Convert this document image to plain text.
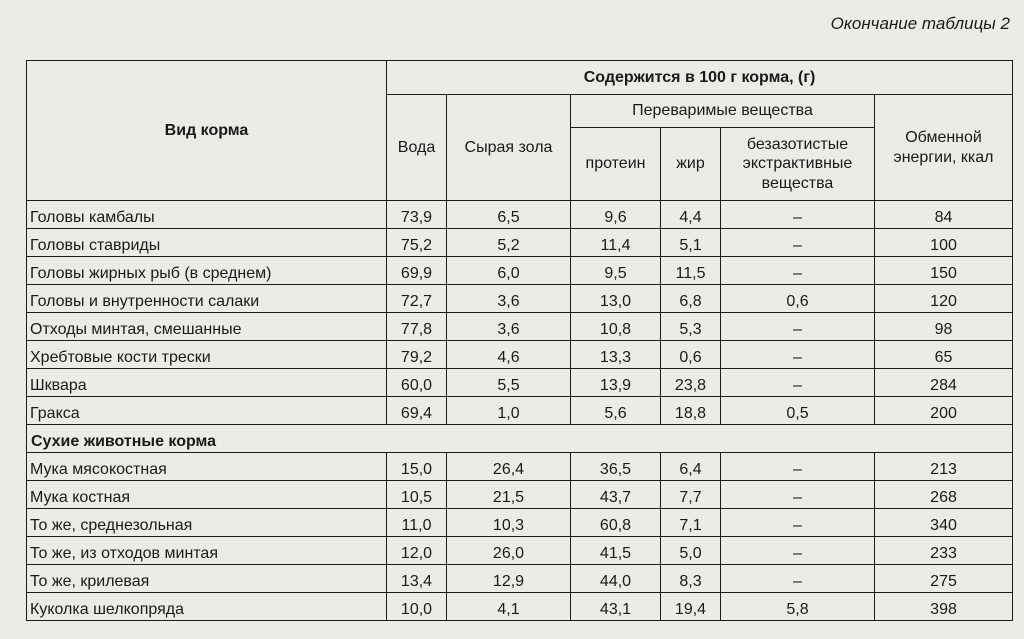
Окончание таблицы 2
Вид корма	Содержится в 100 г корма, (г)					
	Вода	Сырая зола	Переваримые вещества			Обменной энергии, ккал
			протеин	жир	безазотистые экстрактивные вещества	
Головы камбалы	73,9	6,5	9,6	4,4	–	84
Головы ставриды	75,2	5,2	11,4	5,1	–	100
Головы жирных рыб (в среднем)	69,9	6,0	9,5	11,5	–	150
Головы и внутренности салаки	72,7	3,6	13,0	6,8	0,6	120
Отходы минтая, смешанные	77,8	3,6	10,8	5,3	–	98
Хребтовые кости трески	79,2	4,6	13,3	0,6	–	65
Шквара	60,0	5,5	13,9	23,8	–	284
Гракса	69,4	1,0	5,6	18,8	0,5	200
Сухие животные корма						
Мука мясокостная	15,0	26,4	36,5	6,4	–	213
Мука костная	10,5	21,5	43,7	7,7	–	268
То же, среднезольная	11,0	10,3	60,8	7,1	–	340
То же, из отходов минтая	12,0	26,0	41,5	5,0	–	233
То же, крилевая	13,4	12,9	44,0	8,3	–	275
Куколка шелкопряда	10,0	4,1	43,1	19,4	5,8	398
